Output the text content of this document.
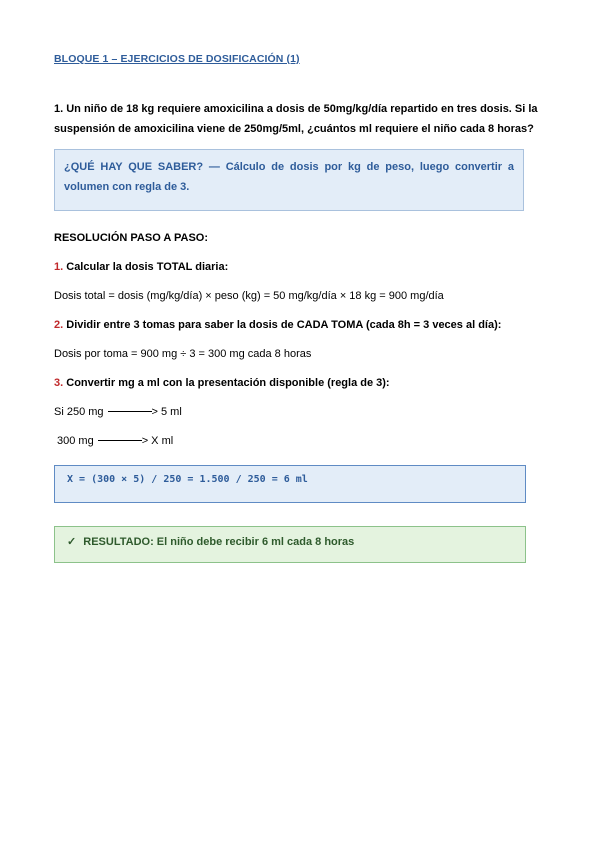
BLOQUE 1 – EJERCICIOS DE DOSIFICACIÓN (1)
1. Un niño de 18 kg requiere amoxicilina a dosis de 50mg/kg/día repartido en tres dosis. Si la suspensión de amoxicilina viene de 250mg/5ml, ¿cuántos ml requiere el niño cada 8 horas?
¿QUÉ HAY QUE SABER? — Cálculo de dosis por kg de peso, luego convertir a volumen con regla de 3.
RESOLUCIÓN PASO A PASO:
1. Calcular la dosis TOTAL diaria:
Dosis total = dosis (mg/kg/día) × peso (kg) = 50 mg/kg/día × 18 kg = 900 mg/día
2. Dividir entre 3 tomas para saber la dosis de CADA TOMA (cada 8h = 3 veces al día):
Dosis por toma = 900 mg ÷ 3 = 300 mg cada 8 horas
3. Convertir mg a ml con la presentación disponible (regla de 3):
Si 250 mg	> 5 ml
300 mg	> X ml
X = (300 × 5) / 250 = 1.500 / 250 = 6 ml
✓ RESULTADO: El niño debe recibir 6 ml cada 8 horas
